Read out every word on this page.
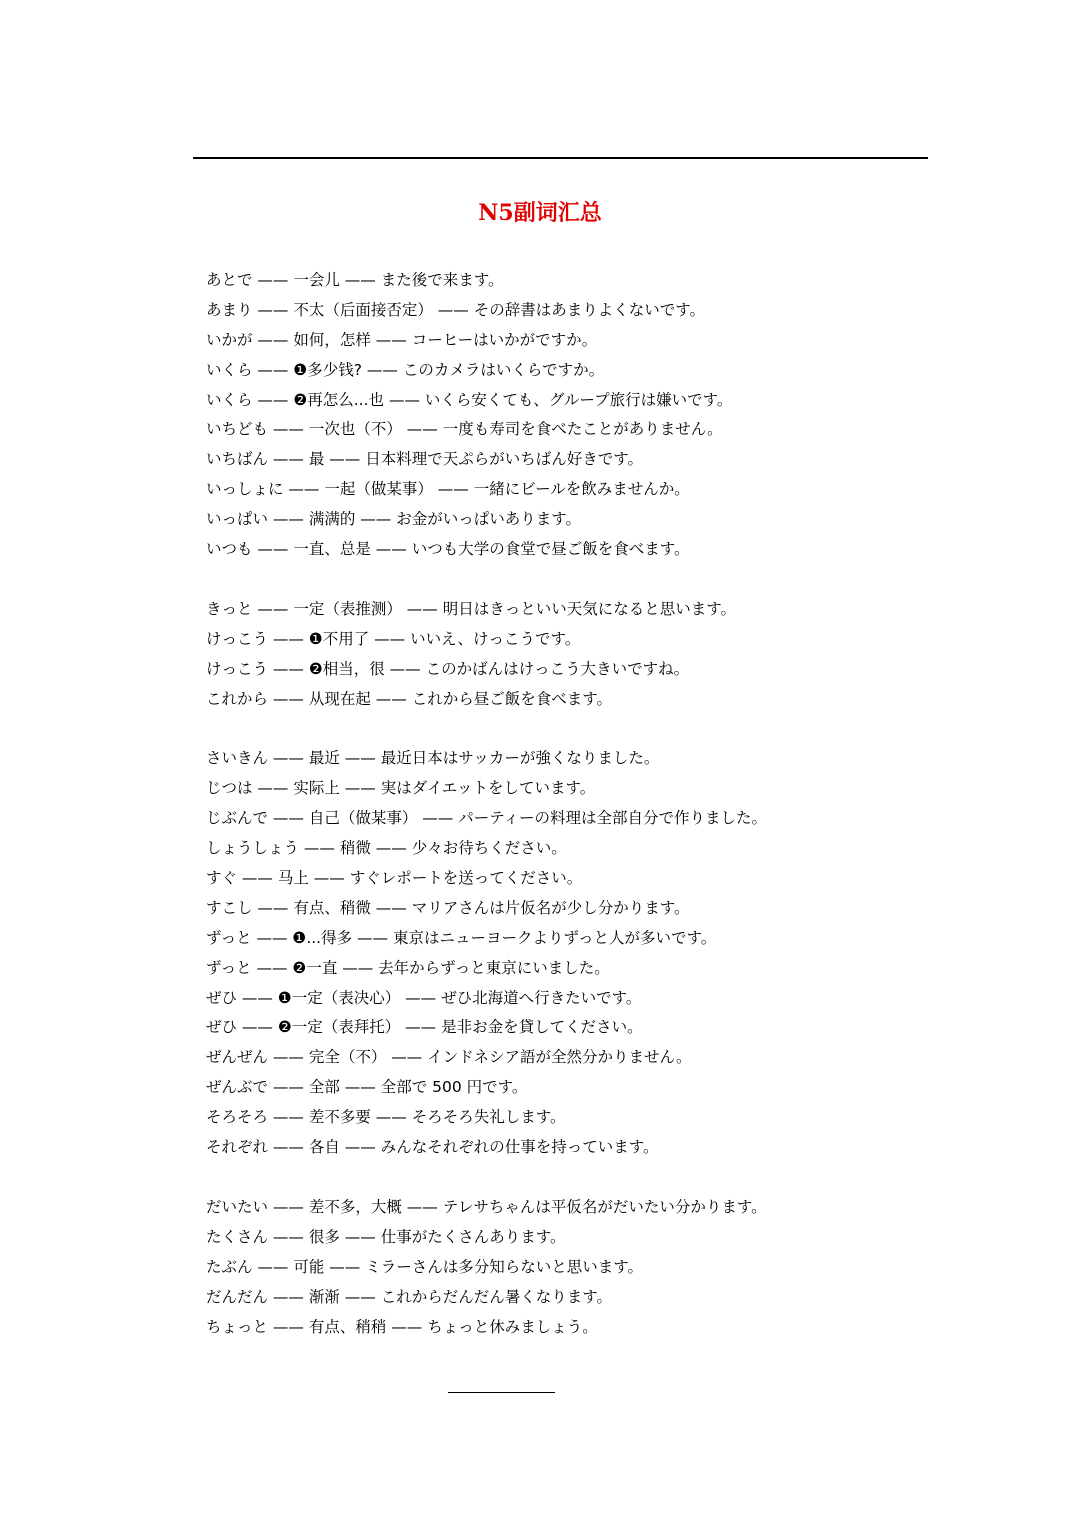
N5副词汇总
あとで —— 一会儿 —— また後で来ます。
あまり —— 不太（后面接否定） —— その辞書はあまりよくないです。
いかが —— 如何，怎样 —— コーヒーはいかがですか。
いくら —— ❶多少钱? —— このカメラはいくらですか。
いくら —— ❷再怎么...也 —— いくら安くても、グループ旅行は嫌いです。
いちども —— 一次也（不） —— 一度も寿司を食べたことがありません。
いちばん —— 最 —— 日本料理で天ぷらがいちばん好きです。
いっしょに —— 一起（做某事） —— 一緒にビールを飲みませんか。
いっぱい —— 满满的 —— お金がいっぱいあります。
いつも —— 一直、总是 —— いつも大学の食堂で昼ご飯を食べます。
きっと —— 一定（表推测） —— 明日はきっといい天気になると思います。
けっこう —— ❶不用了 —— いいえ、けっこうです。
けっこう —— ❷相当，很 —— このかばんはけっこう大きいですね。
これから —— 从现在起 —— これから昼ご飯を食べます。
さいきん —— 最近 —— 最近日本はサッカーが強くなりました。
じつは —— 实际上 —— 実はダイエットをしています。
じぶんで —— 自己（做某事） —— パーティーの料理は全部自分で作りました。
しょうしょう —— 稍微 —— 少々お待ちください。
すぐ —— 马上 —— すぐレポートを送ってください。
すこし —— 有点、稍微 —— マリアさんは片仮名が少し分かります。
ずっと —— ❶...得多 —— 東京はニューヨークよりずっと人が多いです。
ずっと —— ❷一直 —— 去年からずっと東京にいました。
ぜひ —— ❶一定（表决心） —— ぜひ北海道へ行きたいです。
ぜひ —— ❷一定（表拜托） —— 是非お金を貸してください。
ぜんぜん —— 完全（不） —— インドネシア語が全然分かりません。
ぜんぶで —— 全部 —— 全部で 500 円です。
そろそろ —— 差不多要 —— そろそろ失礼します。
それぞれ —— 各自 —— みんなそれぞれの仕事を持っています。
だいたい —— 差不多，大概 —— テレサちゃんは平仮名がだいたい分かります。
たくさん —— 很多 —— 仕事がたくさんあります。
たぶん —— 可能 —— ミラーさんは多分知らないと思います。
だんだん —— 渐渐 —— これからだんだん暑くなります。
ちょっと —— 有点、稍稍 —— ちょっと休みましょう。
